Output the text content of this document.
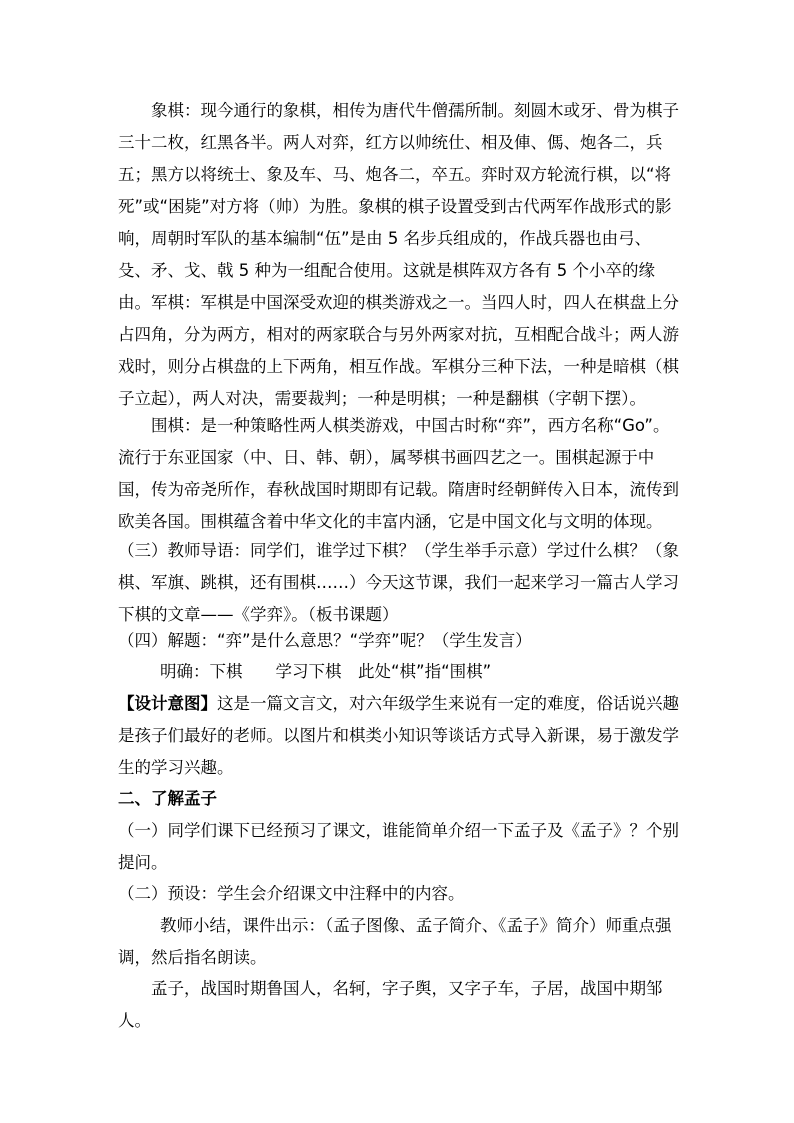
象棋：现今通行的象棋，相传为唐代牛僧孺所制。刻圆木或牙、骨为棋子三十二枚，红黑各半。两人对弈，红方以帅统仕、相及俥、傌、炮各二，兵五；黑方以将统士、象及车、马、炮各二，卒五。弈时双方轮流行棋，以“将死”或“困毙”对方将（帅）为胜。象棋的棋子设置受到古代两军作战形式的影响，周朝时军队的基本编制“伍”是由 5 名步兵组成的，作战兵器也由弓、殳、矛、戈、戟 5 种为一组配合使用。这就是棋阵双方各有 5 个小卒的缘由。 军棋：军棋是中国深受欢迎的棋类游戏之一。当四人时，四人在棋盘上分占四角，分为两方，相对的两家联合与另外两家对抗，互相配合战斗；两人游戏时，则分占棋盘的上下两角，相互作战。军棋分三种下法，一种是暗棋（棋子立起），两人对决，需要裁判；一种是明棋；一种是翻棋（字朝下摆）。

围棋：是一种策略性两人棋类游戏，中国古时称“弈”，西方名称“Go”。流行于东亚国家（中、日、韩、朝），属琴棋书画四艺之一。围棋起源于中国，传为帝尧所作，春秋战国时期即有记载。隋唐时经朝鲜传入日本，流传到欧美各国。围棋蕴含着中华文化的丰富内涵，它是中国文化与文明的体现。

（三）教师导语：同学们，谁学过下棋？（学生举手示意）学过什么棋？（象棋、军旗、跳棋，还有围棋……）今天这节课，我们一起来学习一篇古人学习下棋的文章——《学弈》。（板书课题）

（四）解题：“弈”是什么意思？“学弈”呢？（学生发言）

明确：下棋　　学习下棋　此处“棋”指“围棋”

【设计意图】这是一篇文言文，对六年级学生来说有一定的难度，俗话说兴趣是孩子们最好的老师。以图片和棋类小知识等谈话方式导入新课，易于激发学生的学习兴趣。

二、了解孟子

（一）同学们课下已经预习了课文，谁能简单介绍一下孟子及《孟子》？个别提问。

（二）预设：学生会介绍课文中注释中的内容。

教师小结，课件出示：（孟子图像、孟子简介、《孟子》简介）师重点强调，然后指名朗读。

孟子，战国时期鲁国人，名轲，字子舆，又字子车，子居，战国中期邹人。
